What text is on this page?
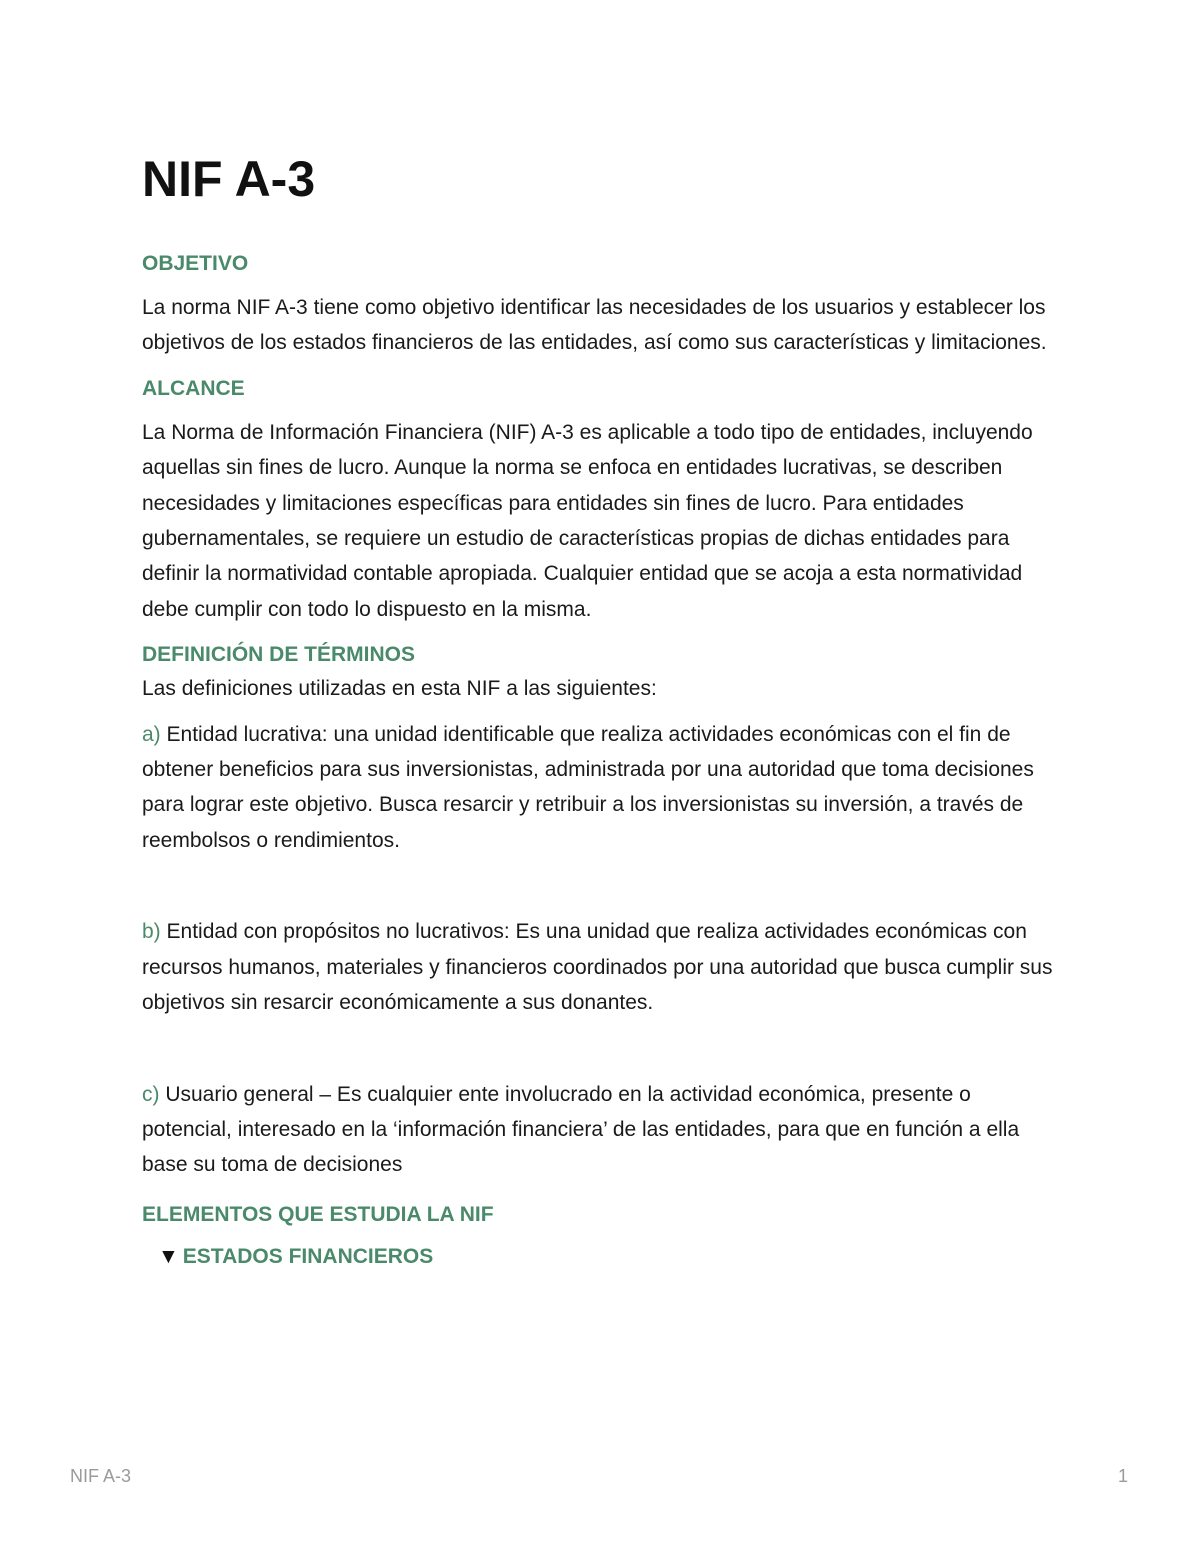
NIF A-3
OBJETIVO

La norma NIF A-3 tiene como objetivo identificar las necesidades de los usuarios y establecer los objetivos de los estados financieros de las entidades, así como sus características y limitaciones.

ALCANCE

La Norma de Información Financiera (NIF) A-3 es aplicable a todo tipo de entidades, incluyendo aquellas sin fines de lucro. Aunque la norma se enfoca en entidades lucrativas, se describen necesidades y limitaciones específicas para entidades sin fines de lucro. Para entidades gubernamentales, se requiere un estudio de características propias de dichas entidades para definir la normatividad contable apropiada. Cualquier entidad que se acoja a esta normatividad debe cumplir con todo lo dispuesto en la misma.

DEFINICIÓN DE TÉRMINOS

Las definiciones utilizadas en esta NIF a las siguientes:

a) Entidad lucrativa: una unidad identificable que realiza actividades económicas con el fin de obtener beneficios para sus inversionistas, administrada por una autoridad que toma decisiones para lograr este objetivo. Busca resarcir y retribuir a los inversionistas su inversión, a través de reembolsos o rendimientos.

b) Entidad con propósitos no lucrativos: Es una unidad que realiza actividades económicas con recursos humanos, materiales y financieros coordinados por una autoridad que busca cumplir sus objetivos sin resarcir económicamente a sus donantes.

c) Usuario general – Es cualquier ente involucrado en la actividad económica, presente o potencial, interesado en la ‘información financiera’ de las entidades, para que en función a ella base su toma de decisiones

ELEMENTOS QUE ESTUDIA LA NIF
▼ ESTADOS FINANCIEROS
NIF A-3	1
